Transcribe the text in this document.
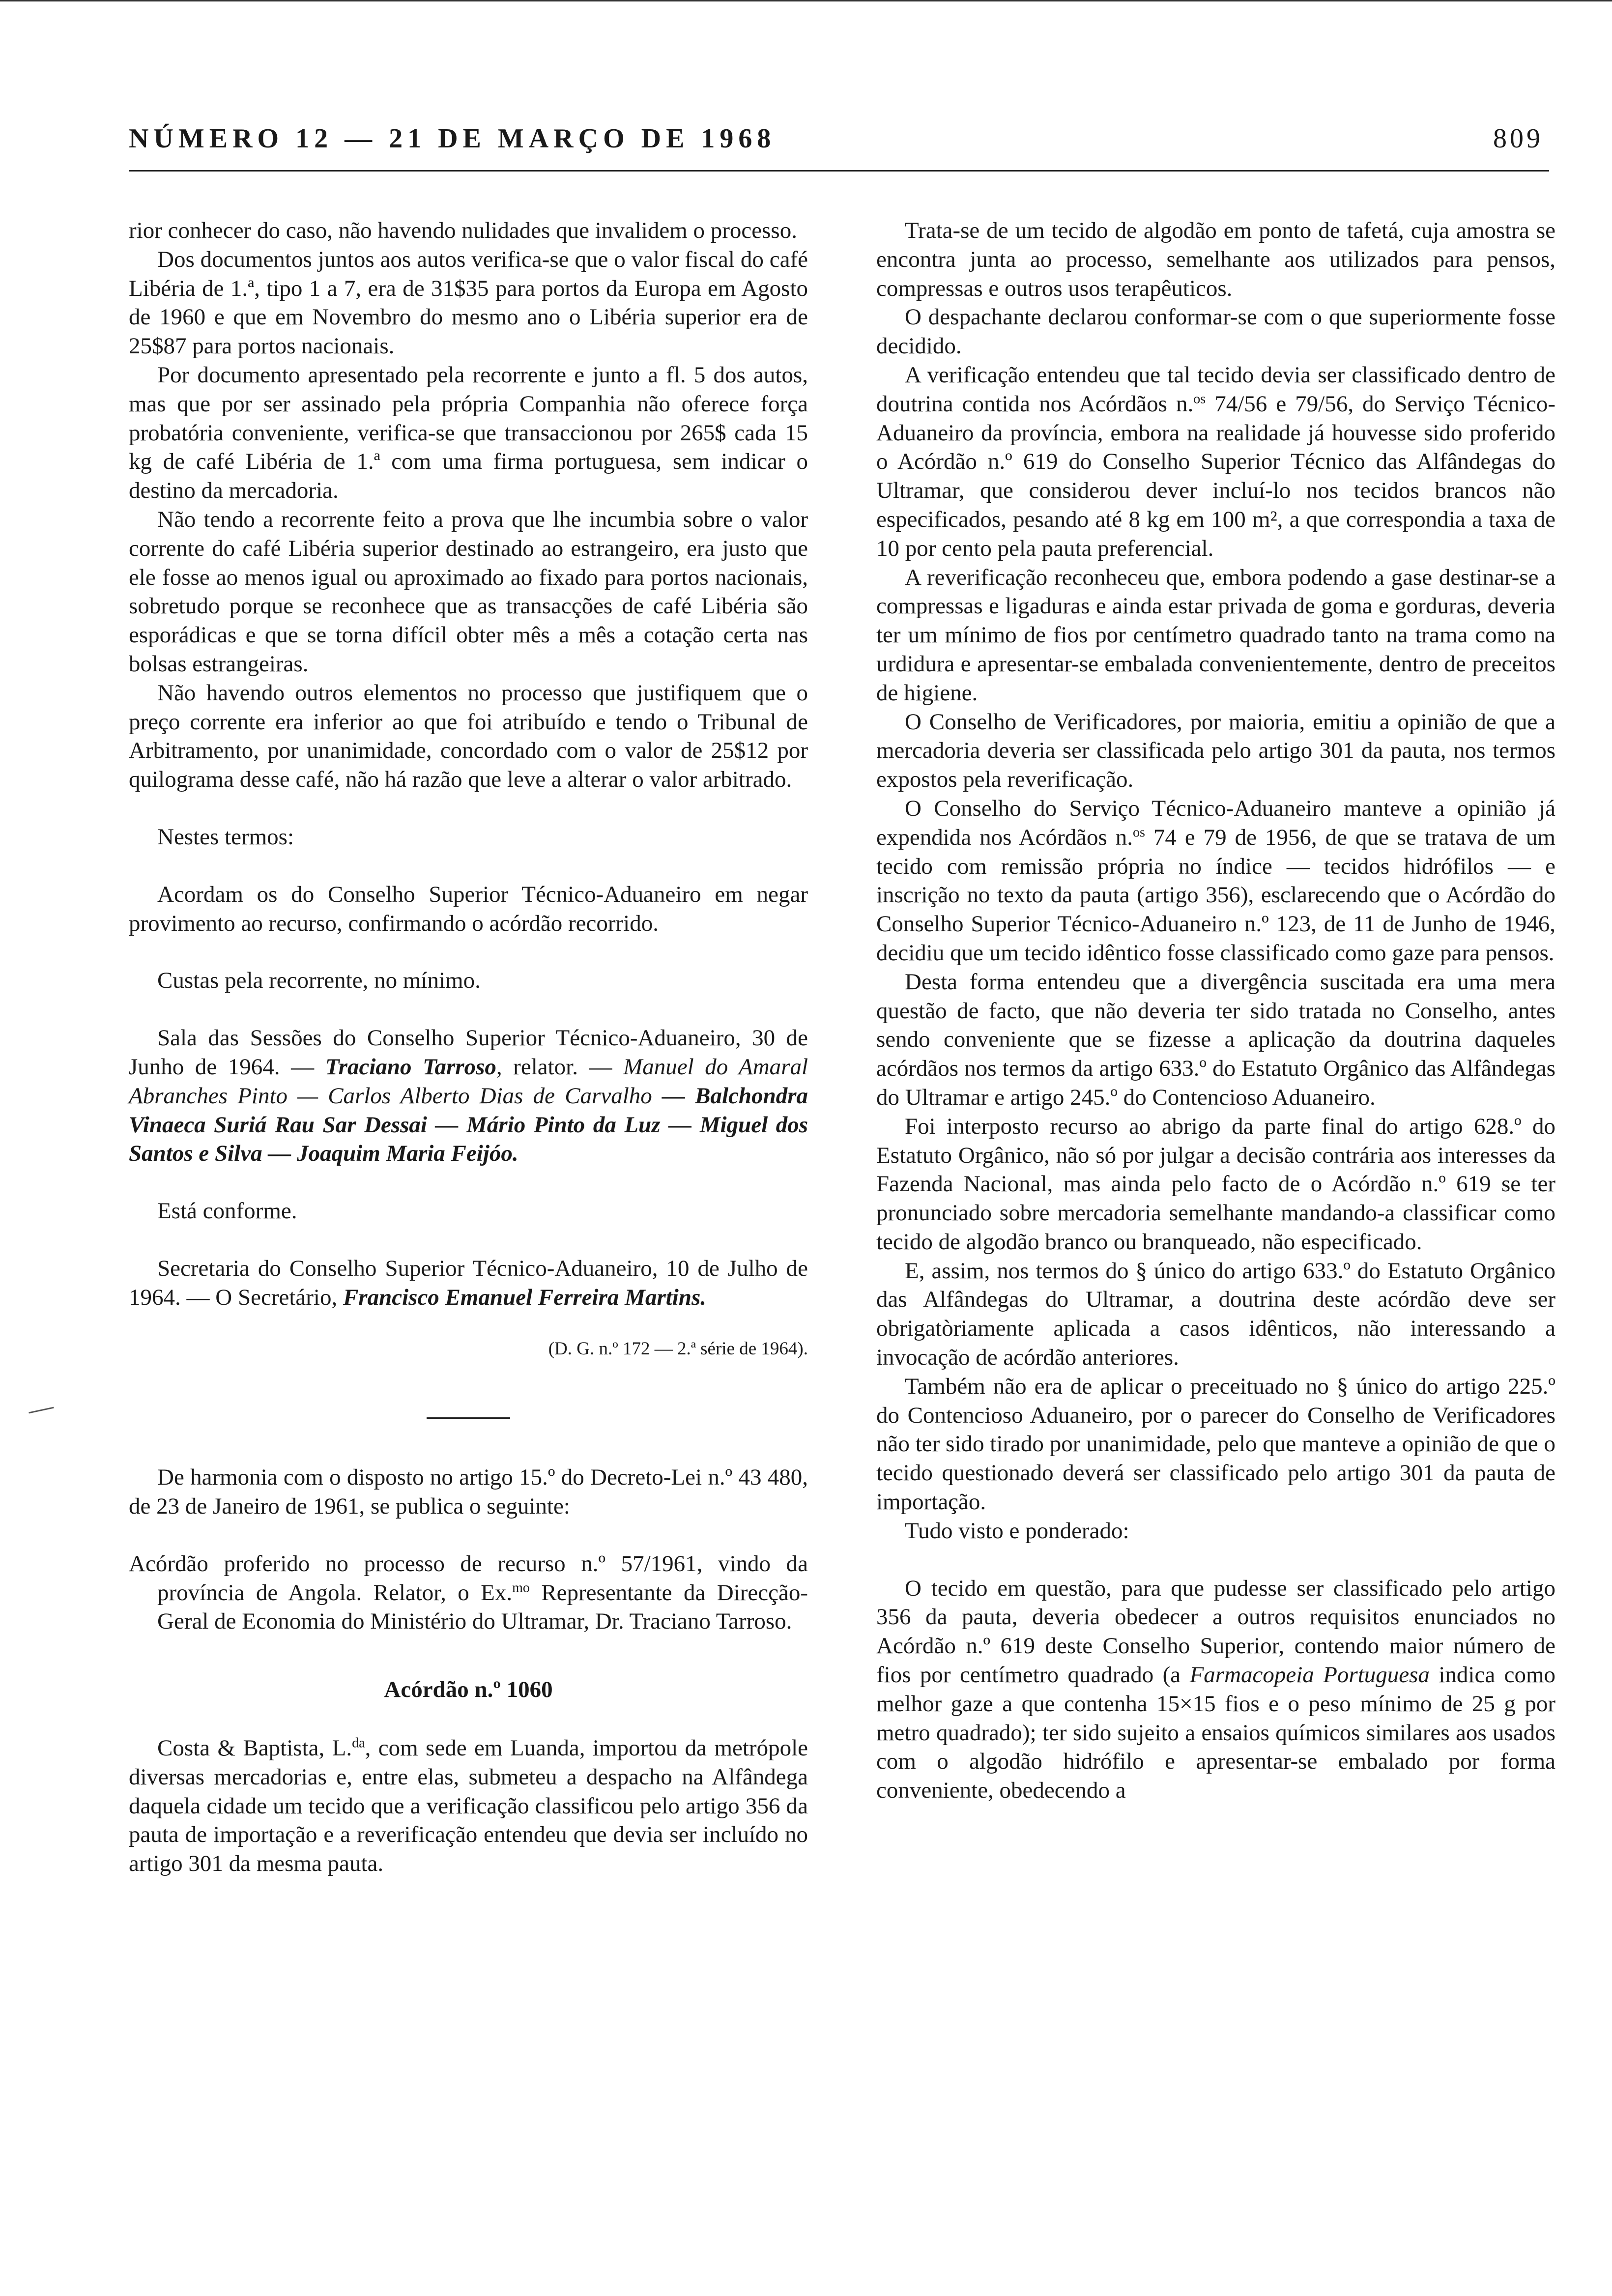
NÚMERO 12 — 21 DE MARÇO DE 1968	809

rior conhecer do caso, não havendo nulidades que invalidem o processo.

Dos documentos juntos aos autos verifica-se que o valor fiscal do café Libéria de 1.ª, tipo 1 a 7, era de 31$35 para portos da Europa em Agosto de 1960 e que em Novembro do mesmo ano o Libéria superior era de 25$87 para portos nacionais.

Por documento apresentado pela recorrente e junto a fl. 5 dos autos, mas que por ser assinado pela própria Companhia não oferece força probatória conveniente, verifica-se que transaccionou por 265$ cada 15 kg de café Libéria de 1.ª com uma firma portuguesa, sem indicar o destino da mercadoria.

Não tendo a recorrente feito a prova que lhe incumbia sobre o valor corrente do café Libéria superior destinado ao estrangeiro, era justo que ele fosse ao menos igual ou aproximado ao fixado para portos nacionais, sobretudo porque se reconhece que as transacções de café Libéria são esporádicas e que se torna difícil obter mês a mês a cotação certa nas bolsas estrangeiras.

Não havendo outros elementos no processo que justifiquem que o preço corrente era inferior ao que foi atribuído e tendo o Tribunal de Arbitramento, por unanimidade, concordado com o valor de 25$12 por quilograma desse café, não há razão que leve a alterar o valor arbitrado.

Nestes termos:

Acordam os do Conselho Superior Técnico-Aduaneiro em negar provimento ao recurso, confirmando o acórdão recorrido.

Custas pela recorrente, no mínimo.

Sala das Sessões do Conselho Superior Técnico-Aduaneiro, 30 de Junho de 1964. — Traciano Tarroso, relator. — Manuel do Amaral Abranches Pinto — Carlos Alberto Dias de Carvalho — Balchondra Vinaeca Suriá Rau Sar Dessai — Mário Pinto da Luz — Miguel dos Santos e Silva — Joaquim Maria Feijóo.

Está conforme.

Secretaria do Conselho Superior Técnico-Aduaneiro, 10 de Julho de 1964. — O Secretário, Francisco Emanuel Ferreira Martins.

(D. G. n.º 172 — 2.ª série de 1964).

De harmonia com o disposto no artigo 15.º do Decreto-Lei n.º 43 480, de 23 de Janeiro de 1961, se publica o seguinte:

Acórdão proferido no processo de recurso n.º 57/1961, vindo da província de Angola. Relator, o Ex.$^{mo}$ Representante da Direcção-Geral de Economia do Ministério do Ultramar, Dr. Traciano Tarroso.

Acórdão n.º 1060

Costa & Baptista, L.$^{da}$, com sede em Luanda, importou da metrópole diversas mercadorias e, entre elas, submeteu a despacho na Alfândega daquela cidade um tecido que a verificação classificou pelo artigo 356 da pauta de importação e a reverificação entendeu que devia ser incluído no artigo 301 da mesma pauta.

Trata-se de um tecido de algodão em ponto de tafetá, cuja amostra se encontra junta ao processo, semelhante aos utilizados para pensos, compressas e outros usos terapêuticos.

O despachante declarou conformar-se com o que superiormente fosse decidido.

A verificação entendeu que tal tecido devia ser classificado dentro de doutrina contida nos Acórdãos n.$^{os}$ 74/56 e 79/56, do Serviço Técnico-Aduaneiro da província, embora na realidade já houvesse sido proferido o Acórdão n.º 619 do Conselho Superior Técnico das Alfândegas do Ultramar, que considerou dever incluí-lo nos tecidos brancos não especificados, pesando até 8 kg em 100 m², a que correspondia a taxa de 10 por cento pela pauta preferencial.

A reverificação reconheceu que, embora podendo a gase destinar-se a compressas e ligaduras e ainda estar privada de goma e gorduras, deveria ter um mínimo de fios por centímetro quadrado tanto na trama como na urdidura e apresentar-se embalada convenientemente, dentro de preceitos de higiene.

O Conselho de Verificadores, por maioria, emitiu a opinião de que a mercadoria deveria ser classificada pelo artigo 301 da pauta, nos termos expostos pela reverificação.

O Conselho do Serviço Técnico-Aduaneiro manteve a opinião já expendida nos Acórdãos n.$^{os}$ 74 e 79 de 1956, de que se tratava de um tecido com remissão própria no índice — tecidos hidrófilos — e inscrição no texto da pauta (artigo 356), esclarecendo que o Acórdão do Conselho Superior Técnico-Aduaneiro n.º 123, de 11 de Junho de 1946, decidiu que um tecido idêntico fosse classificado como gaze para pensos.

Desta forma entendeu que a divergência suscitada era uma mera questão de facto, que não deveria ter sido tratada no Conselho, antes sendo conveniente que se fizesse a aplicação da doutrina daqueles acórdãos nos termos da artigo 633.º do Estatuto Orgânico das Alfândegas do Ultramar e artigo 245.º do Contencioso Aduaneiro.

Foi interposto recurso ao abrigo da parte final do artigo 628.º do Estatuto Orgânico, não só por julgar a decisão contrária aos interesses da Fazenda Nacional, mas ainda pelo facto de o Acórdão n.º 619 se ter pronunciado sobre mercadoria semelhante mandando-a classificar como tecido de algodão branco ou branqueado, não especificado.

E, assim, nos termos do § único do artigo 633.º do Estatuto Orgânico das Alfândegas do Ultramar, a doutrina deste acórdão deve ser obrigatòriamente aplicada a casos idênticos, não interessando a invocação de acórdão anteriores.

Também não era de aplicar o preceituado no § único do artigo 225.º do Contencioso Aduaneiro, por o parecer do Conselho de Verificadores não ter sido tirado por unanimidade, pelo que manteve a opinião de que o tecido questionado deverá ser classificado pelo artigo 301 da pauta de importação.

Tudo visto e ponderado:

O tecido em questão, para que pudesse ser classificado pelo artigo 356 da pauta, deveria obedecer a outros requisitos enunciados no Acórdão n.º 619 deste Conselho Superior, contendo maior número de fios por centímetro quadrado (a Farmacopeia Portuguesa indica como melhor gaze a que contenha 15×15 fios e o peso mínimo de 25 g por metro quadrado); ter sido sujeito a ensaios químicos similares aos usados com o algodão hidrófilo e apresentar-se embalado por forma conveniente, obedecendo a
